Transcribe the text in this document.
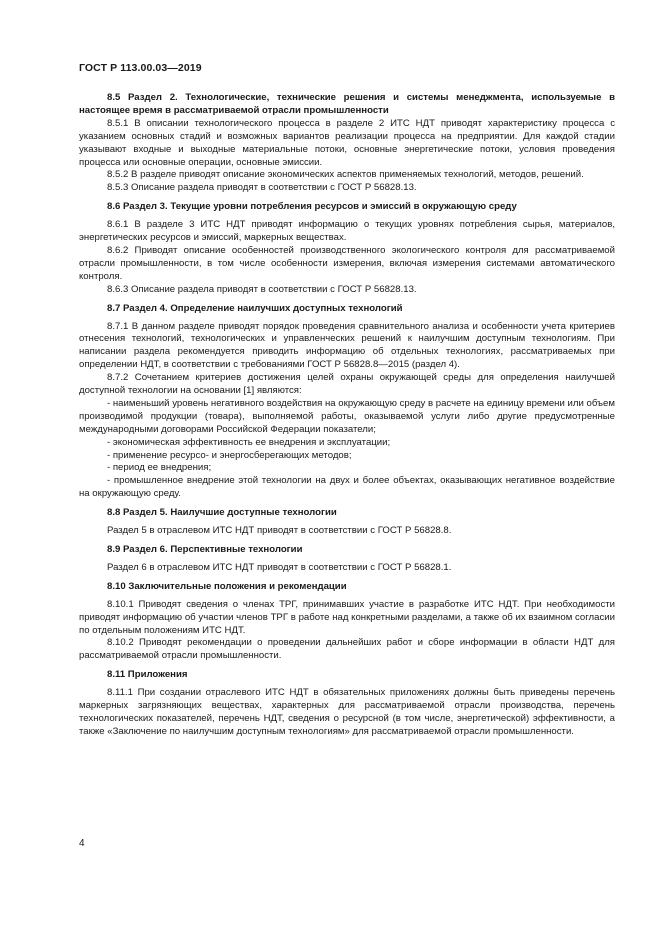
ГОСТ Р 113.00.03—2019

8.5 Раздел 2. Технологические, технические решения и системы менеджмента, используемые в настоящее время в рассматриваемой отрасли промышленности

8.5.1 В описании технологического процесса в разделе 2 ИТС НДТ приводят характеристику процесса с указанием основных стадий и возможных вариантов реализации процесса на предприятии. Для каждой стадии указывают входные и выходные материальные потоки, основные энергетические потоки, условия проведения процесса или основные операции, основные эмиссии.

8.5.2 В разделе приводят описание экономических аспектов применяемых технологий, методов, решений.

8.5.3 Описание раздела приводят в соответствии с ГОСТ Р 56828.13.

8.6 Раздел 3. Текущие уровни потребления ресурсов и эмиссий в окружающую среду

8.6.1 В разделе 3 ИТС НДТ приводят информацию о текущих уровнях потребления сырья, материалов, энергетических ресурсов и эмиссий, маркерных веществах.

8.6.2 Приводят описание особенностей производственного экологического контроля для рассматриваемой отрасли промышленности, в том числе особенности измерения, включая измерения системами автоматического контроля.

8.6.3 Описание раздела приводят в соответствии с ГОСТ Р 56828.13.

8.7 Раздел 4. Определение наилучших доступных технологий

8.7.1 В данном разделе приводят порядок проведения сравнительного анализа и особенности учета критериев отнесения технологий, технологических и управленческих решений к наилучшим доступным технологиям. При написании раздела рекомендуется приводить информацию об отдельных технологиях, рассматриваемых при определении НДТ, в соответствии с требованиями ГОСТ Р 56828.8—2015 (раздел 4).

8.7.2 Сочетанием критериев достижения целей охраны окружающей среды для определения наилучшей доступной технологии на основании [1] являются:

- наименьший уровень негативного воздействия на окружающую среду в расчете на единицу времени или объем производимой продукции (товара), выполняемой работы, оказываемой услуги либо другие предусмотренные международными договорами Российской Федерации показатели;

- экономическая эффективность ее внедрения и эксплуатации;

- применение ресурсо- и энергосберегающих методов;

- период ее внедрения;

- промышленное внедрение этой технологии на двух и более объектах, оказывающих негативное воздействие на окружающую среду.

8.8 Раздел 5. Наилучшие доступные технологии

Раздел 5 в отраслевом ИТС НДТ приводят в соответствии с ГОСТ Р 56828.8.

8.9 Раздел 6. Перспективные технологии

Раздел 6 в отраслевом ИТС НДТ приводят в соответствии с ГОСТ Р 56828.1.

8.10 Заключительные положения и рекомендации

8.10.1 Приводят сведения о членах ТРГ, принимавших участие в разработке ИТС НДТ. При необходимости приводят информацию об участии членов ТРГ в работе над конкретными разделами, а также об их взаимном согласии по отдельным положениям ИТС НДТ.

8.10.2 Приводят рекомендации о проведении дальнейших работ и сборе информации в области НДТ для рассматриваемой отрасли промышленности.

8.11 Приложения

8.11.1 При создании отраслевого ИТС НДТ в обязательных приложениях должны быть приведены перечень маркерных загрязняющих веществах, характерных для рассматриваемой отрасли производства, перечень технологических показателей, перечень НДТ, сведения о ресурсной (в том числе, энергетической) эффективности, а также «Заключение по наилучшим доступным технологиям» для рассматриваемой отрасли промышленности.

4
